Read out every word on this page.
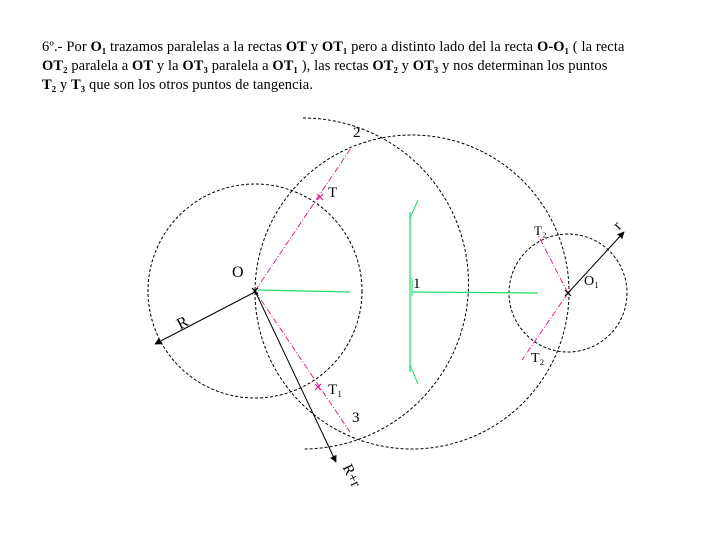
6º.- Por O₁ trazamos paralelas a la rectas OT y OT₁ pero a distinto lado del la recta O-O₁ ( la recta
OT₂ paralela a OT y la OT₃ paralela a OT₁ ), las rectas OT₂ y OT₃ y nos determinan los puntos
T₂ y T₃ que son los otros puntos de tangencia.
2
3
1
T
T₁
T₂
T₂
O
O₁
R
r
R+r
